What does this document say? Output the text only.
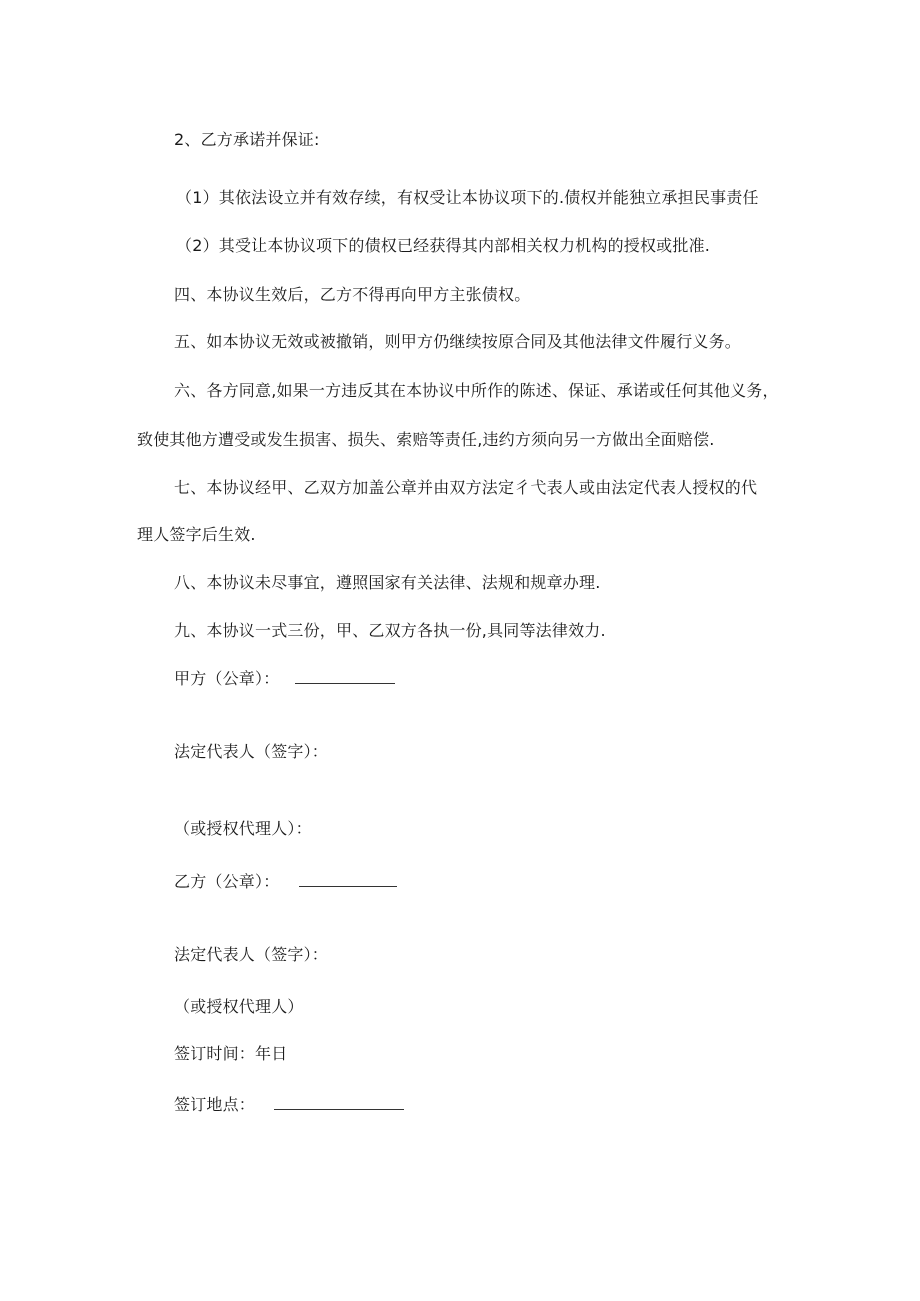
2、乙方承诺并保证:
（1）其依法设立并有效存续，有权受让本协议项下的.债权并能独立承担民事责任
（2）其受让本协议项下的债权已经获得其内部相关权力机构的授权或批准.
四、本协议生效后，乙方不得再向甲方主张债权。
五、如本协议无效或被撤销，则甲方仍继续按原合同及其他法律文件履行义务。
六、各方同意,如果一方违反其在本协议中所作的陈述、保证、承诺或任何其他义务，
致使其他方遭受或发生损害、损失、索赔等责任,违约方须向另一方做出全面赔偿.
七、本协议经甲、乙双方加盖公章并由双方法定彳弋表人或由法定代表人授权的代
理人签字后生效.
八、本协议未尽事宜，遵照国家有关法律、法规和规章办理.
九、本协议一式三份，甲、乙双方各执一份,具同等法律效力.
甲方（公章）：
法定代表人（签字）：
（或授权代理人）：
乙方（公章）：
法定代表人（签字）：
（或授权代理人）
签订时间：年日
签订地点：
